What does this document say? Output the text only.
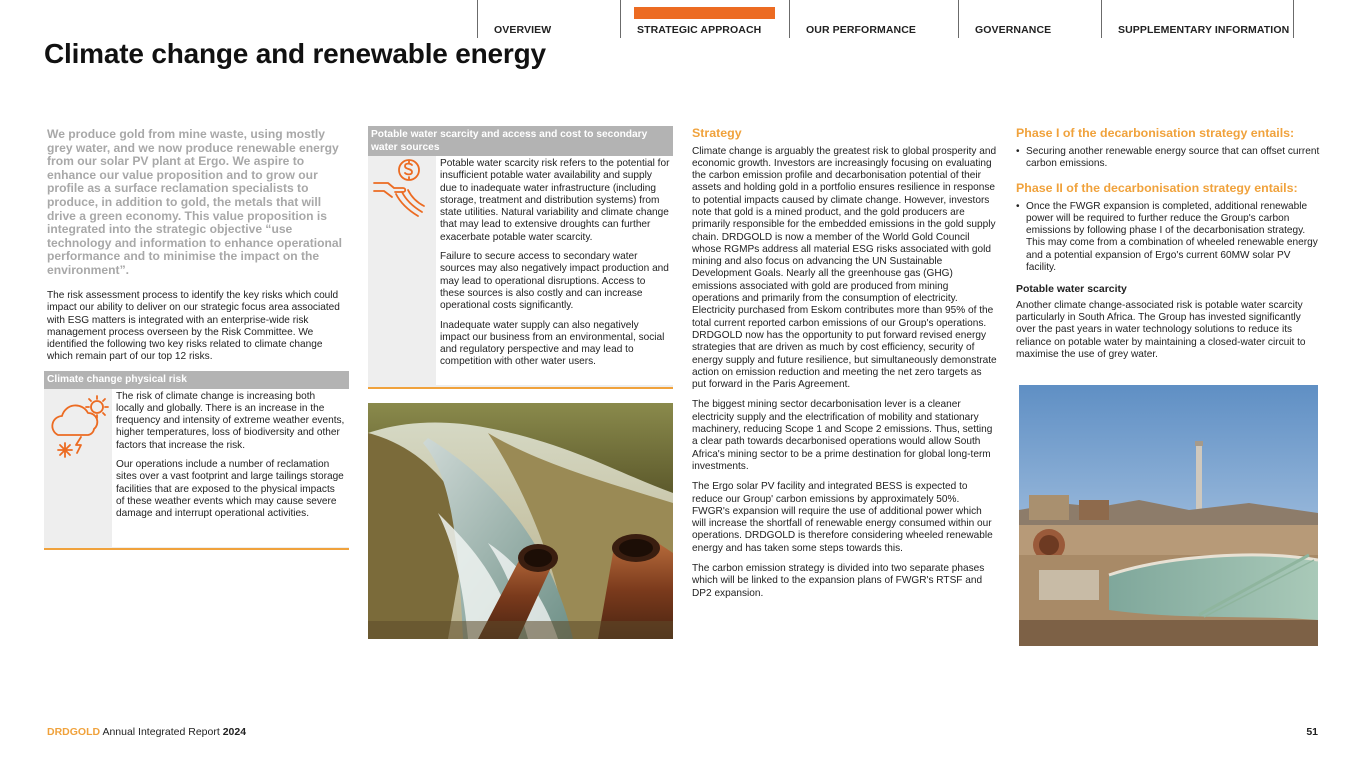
OVERVIEW	STRATEGIC APPROACH	OUR PERFORMANCE	GOVERNANCE	SUPPLEMENTARY INFORMATION
Climate change and renewable energy

We produce gold from mine waste, using mostly grey water, and we now produce renewable energy from our solar PV plant at Ergo. We aspire to enhance our value proposition and to grow our profile as a surface reclamation specialists to produce, in addition to gold, the metals that will drive a green economy. This value proposition is integrated into the strategic objective “use technology and information to enhance operational performance and to minimise the impact on the environment”.

The risk assessment process to identify the key risks which could impact our ability to deliver on our strategic focus area associated with ESG matters is integrated with an enterprise-wide risk management process overseen by the Risk Committee. We identified the following two key risks related to climate change which remain part of our top 12 risks.

Climate change physical risk

The risk of climate change is increasing both locally and globally. There is an increase in the frequency and intensity of extreme weather events, higher temperatures, loss of biodiversity and other factors that increase the risk.

Our operations include a number of reclamation sites over a vast footprint and large tailings storage facilities that are exposed to the physical impacts of these weather events which may cause severe damage and interrupt operational activities.

Potable water scarcity and access and cost to secondary water sources

Potable water scarcity risk refers to the potential for insufficient potable water availability and supply due to inadequate water infrastructure (including storage, treatment and distribution systems) from state utilities. Natural variability and climate change that may lead to extensive droughts can further exacerbate potable water scarcity.

Failure to secure access to secondary water sources may also negatively impact production and may lead to operational disruptions. Access to these sources is also costly and can increase operational costs significantly.

Inadequate water supply can also negatively impact our business from an environmental, social and regulatory perspective and may lead to competition with other water users.

Strategy

Climate change is arguably the greatest risk to global prosperity and economic growth. Investors are increasingly focusing on evaluating the carbon emission profile and decarbonisation potential of their assets and holding gold in a portfolio ensures resilience in response to potential impacts caused by climate change. However, investors note that gold is a mined product, and the gold producers are primarily responsible for the embedded emissions in the gold supply chain. DRDGOLD is now a member of the World Gold Council whose RGMPs address all material ESG risks associated with gold mining and also focus on advancing the UN Sustainable Development Goals. Nearly all the greenhouse gas (GHG) emissions associated with gold are produced from mining operations and primarily from the consumption of electricity. Electricity purchased from Eskom contributes more than 95% of the total current reported carbon emissions of our Group's operations. DRDGOLD now has the opportunity to put forward revised energy strategies that are driven as much by cost efficiency, security of energy supply and future resilience, but simultaneously demonstrate action on emission reduction and meeting the net zero targets as put forward in the Paris Agreement.

The biggest mining sector decarbonisation lever is a cleaner electricity supply and the electrification of mobility and stationary machinery, reducing Scope 1 and Scope 2 emissions. Thus, setting a clear path towards decarbonised operations would allow South Africa's mining sector to be a prime destination for global long-term investments.

The Ergo solar PV facility and integrated BESS is expected to reduce our Group' carbon emissions by approximately 50%. FWGR's expansion will require the use of additional power which will increase the shortfall of renewable energy consumed within our operations. DRDGOLD is therefore considering wheeled renewable energy and has taken some steps towards this.

The carbon emission strategy is divided into two separate phases which will be linked to the expansion plans of FWGR's RTSF and DP2 expansion.

Phase I of the decarbonisation strategy entails:
• Securing another renewable energy source that can offset current carbon emissions.
Phase II of the decarbonisation strategy entails:
• Once the FWGR expansion is completed, additional renewable power will be required to further reduce the Group's carbon emissions by following phase I of the decarbonisation strategy. This may come from a combination of wheeled renewable energy and a potential expansion of Ergo's current 60MW solar PV facility.
Potable water scarcity

Another climate change-associated risk is potable water scarcity particularly in South Africa. The Group has invested significantly over the past years in water technology solutions to reduce its reliance on potable water by maintaining a closed-water circuit to maximise the use of grey water.

DRDGOLD Annual Integrated Report 2024	51
